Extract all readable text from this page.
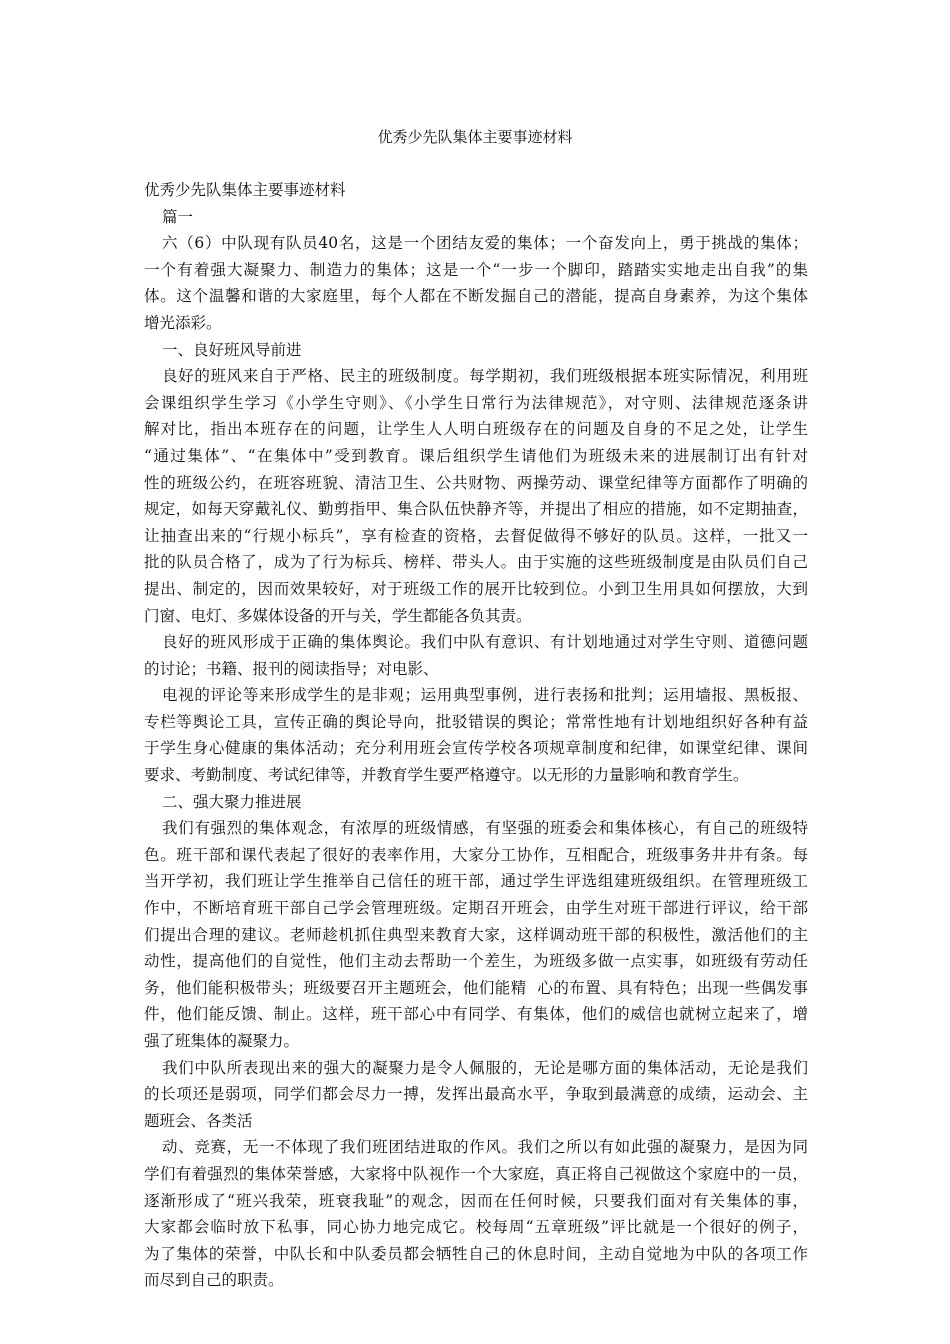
优秀少先队集体主要事迹材料
优秀少先队集体主要事迹材料
篇一
六（6）中队现有队员40名，这是一个团结友爱的集体；一个奋发向上，勇于挑战的集体；
一个有着强大凝聚力、制造力的集体；这是一个“一步一个脚印，踏踏实实地走出自我”的集
体。这个温馨和谐的大家庭里，每个人都在不断发掘自己的潜能，提高自身素养，为这个集体
增光添彩。
一、良好班风导前进
良好的班风来自于严格、民主的班级制度。每学期初，我们班级根据本班实际情况，利用班
会课组织学生学习《小学生守则》、《小学生日常行为法律规范》，对守则、法律规范逐条讲
解对比，指出本班存在的问题，让学生人人明白班级存在的问题及自身的不足之处，让学生
“通过集体”、“在集体中”受到教育。课后组织学生请他们为班级未来的进展制订出有针对
性的班级公约，在班容班貌、清洁卫生、公共财物、两操劳动、课堂纪律等方面都作了明确的
规定，如每天穿戴礼仪、勤剪指甲、集合队伍快静齐等，并提出了相应的措施，如不定期抽查，
让抽查出来的“行规小标兵”，享有检查的资格，去督促做得不够好的队员。这样，一批又一
批的队员合格了，成为了行为标兵、榜样、带头人。由于实施的这些班级制度是由队员们自己
提出、制定的，因而效果较好，对于班级工作的展开比较到位。小到卫生用具如何摆放，大到
门窗、电灯、多媒体设备的开与关，学生都能各负其责。
良好的班风形成于正确的集体舆论。我们中队有意识、有计划地通过对学生守则、道德问题
的讨论；书籍、报刊的阅读指导；对电影、
电视的评论等来形成学生的是非观；运用典型事例，进行表扬和批判；运用墙报、黑板报、
专栏等舆论工具，宣传正确的舆论导向，批驳错误的舆论；常常性地有计划地组织好各种有益
于学生身心健康的集体活动；充分利用班会宣传学校各项规章制度和纪律，如课堂纪律、课间
要求、考勤制度、考试纪律等，并教育学生要严格遵守。以无形的力量影响和教育学生。
二、强大聚力推进展
我们有强烈的集体观念，有浓厚的班级情感，有坚强的班委会和集体核心，有自己的班级特
色。班干部和课代表起了很好的表率作用，大家分工协作，互相配合，班级事务井井有条。每
当开学初，我们班让学生推举自己信任的班干部，通过学生评选组建班级组织。在管理班级工
作中，不断培育班干部自己学会管理班级。定期召开班会，由学生对班干部进行评议，给干部
们提出合理的建议。老师趁机抓住典型来教育大家，这样调动班干部的积极性，激活他们的主
动性，提高他们的自觉性，他们主动去帮助一个差生，为班级多做一点实事，如班级有劳动任
务，他们能积极带头；班级要召开主题班会，他们能精  心的布置、具有特色；出现一些偶发事
件，他们能反馈、制止。这样，班干部心中有同学、有集体，他们的威信也就树立起来了，增
强了班集体的凝聚力。
我们中队所表现出来的强大的凝聚力是令人佩服的，无论是哪方面的集体活动，无论是我们
的长项还是弱项，同学们都会尽力一搏，发挥出最高水平，争取到最满意的成绩，运动会、主
题班会、各类活
动、竞赛，无一不体现了我们班团结进取的作风。我们之所以有如此强的凝聚力，是因为同
学们有着强烈的集体荣誉感，大家将中队视作一个大家庭，真正将自己视做这个家庭中的一员，
逐渐形成了“班兴我荣，班衰我耻”的观念，因而在任何时候，只要我们面对有关集体的事，
大家都会临时放下私事，同心协力地完成它。校每周“五章班级”评比就是一个很好的例子，
为了集体的荣誉，中队长和中队委员都会牺牲自己的休息时间，主动自觉地为中队的各项工作
而尽到自己的职责。
